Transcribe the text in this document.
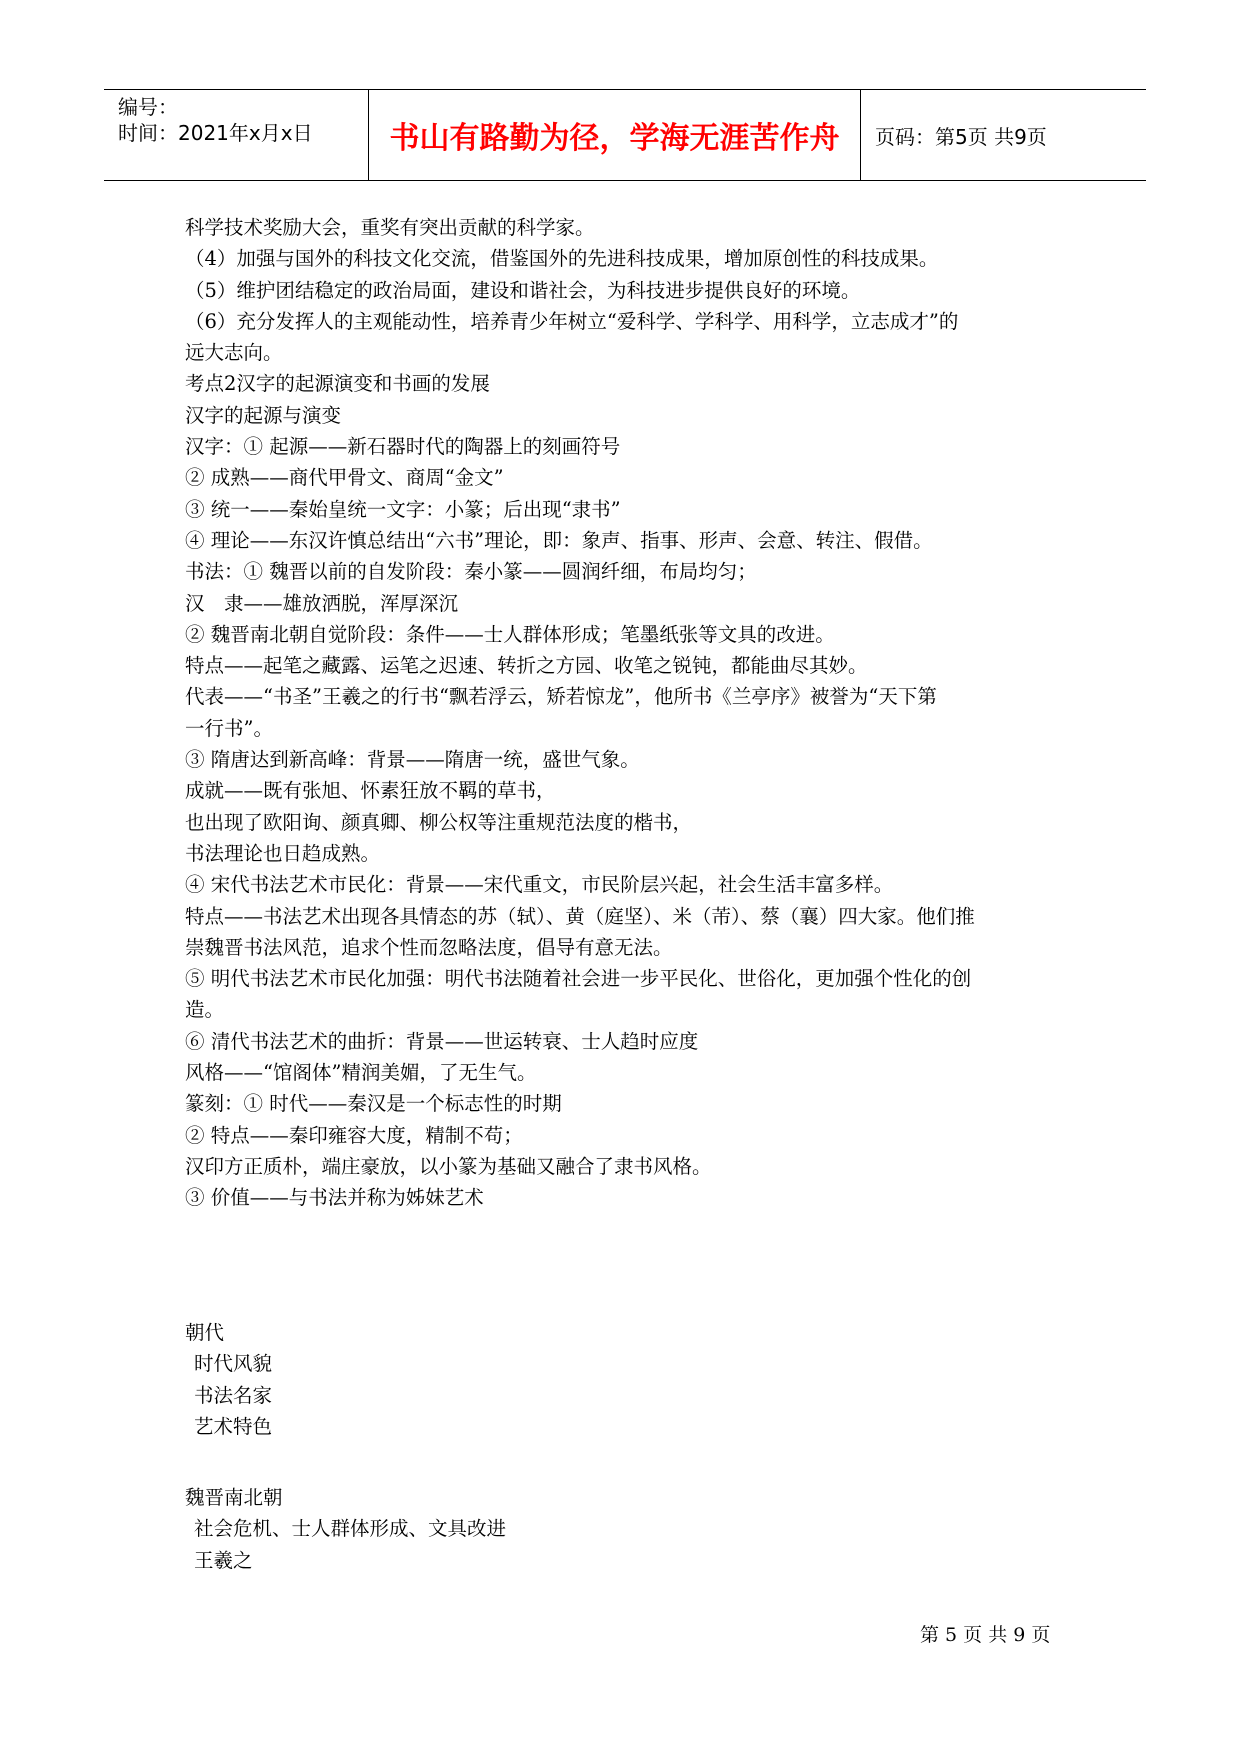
编号：
时间：2021年x月x日	书山有路勤为径，学海无涯苦作舟	页码：第5页 共9页
科学技术奖励大会，重奖有突出贡献的科学家。
（4）加强与国外的科技文化交流，借鉴国外的先进科技成果，增加原创性的科技成果。
（5）维护团结稳定的政治局面，建设和谐社会，为科技进步提供良好的环境。
（6）充分发挥人的主观能动性，培养青少年树立“爱科学、学科学、用科学，立志成才”的
远大志向。
考点2汉字的起源演变和书画的发展
汉字的起源与演变
汉字：① 起源——新石器时代的陶器上的刻画符号
② 成熟——商代甲骨文、商周“金文”
③ 统一——秦始皇统一文字：小篆；后出现“隶书”
④ 理论——东汉许慎总结出“六书”理论，即：象声、指事、形声、会意、转注、假借。
书法：① 魏晋以前的自发阶段：秦小篆——圆润纤细，布局均匀；
汉　隶——雄放洒脱，浑厚深沉
② 魏晋南北朝自觉阶段：条件——士人群体形成；笔墨纸张等文具的改进。
特点——起笔之藏露、运笔之迟速、转折之方园、收笔之锐钝，都能曲尽其妙。
代表——“书圣”王羲之的行书“飘若浮云，矫若惊龙”，他所书《兰亭序》被誉为“天下第
一行书”。
③ 隋唐达到新高峰：背景——隋唐一统，盛世气象。
成就——既有张旭、怀素狂放不羁的草书，
也出现了欧阳询、颜真卿、柳公权等注重规范法度的楷书，
书法理论也日趋成熟。
④ 宋代书法艺术市民化：背景——宋代重文，市民阶层兴起，社会生活丰富多样。
特点——书法艺术出现各具情态的苏（轼）、黄（庭坚）、米（芾）、蔡（襄）四大家。他们推
崇魏晋书法风范，追求个性而忽略法度，倡导有意无法。
⑤ 明代书法艺术市民化加强：明代书法随着社会进一步平民化、世俗化，更加强个性化的创
造。
⑥ 清代书法艺术的曲折：背景——世运转衰、士人趋时应度
风格——“馆阁体”精润美媚，了无生气。
篆刻：① 时代——秦汉是一个标志性的时期
② 特点——秦印雍容大度，精制不苟；
汉印方正质朴，端庄豪放，以小篆为基础又融合了隶书风格。
③ 价值——与书法并称为姊妹艺术
朝代
时代风貌
书法名家
艺术特色
魏晋南北朝
社会危机、士人群体形成、文具改进
王羲之
第 5 页 共 9 页
